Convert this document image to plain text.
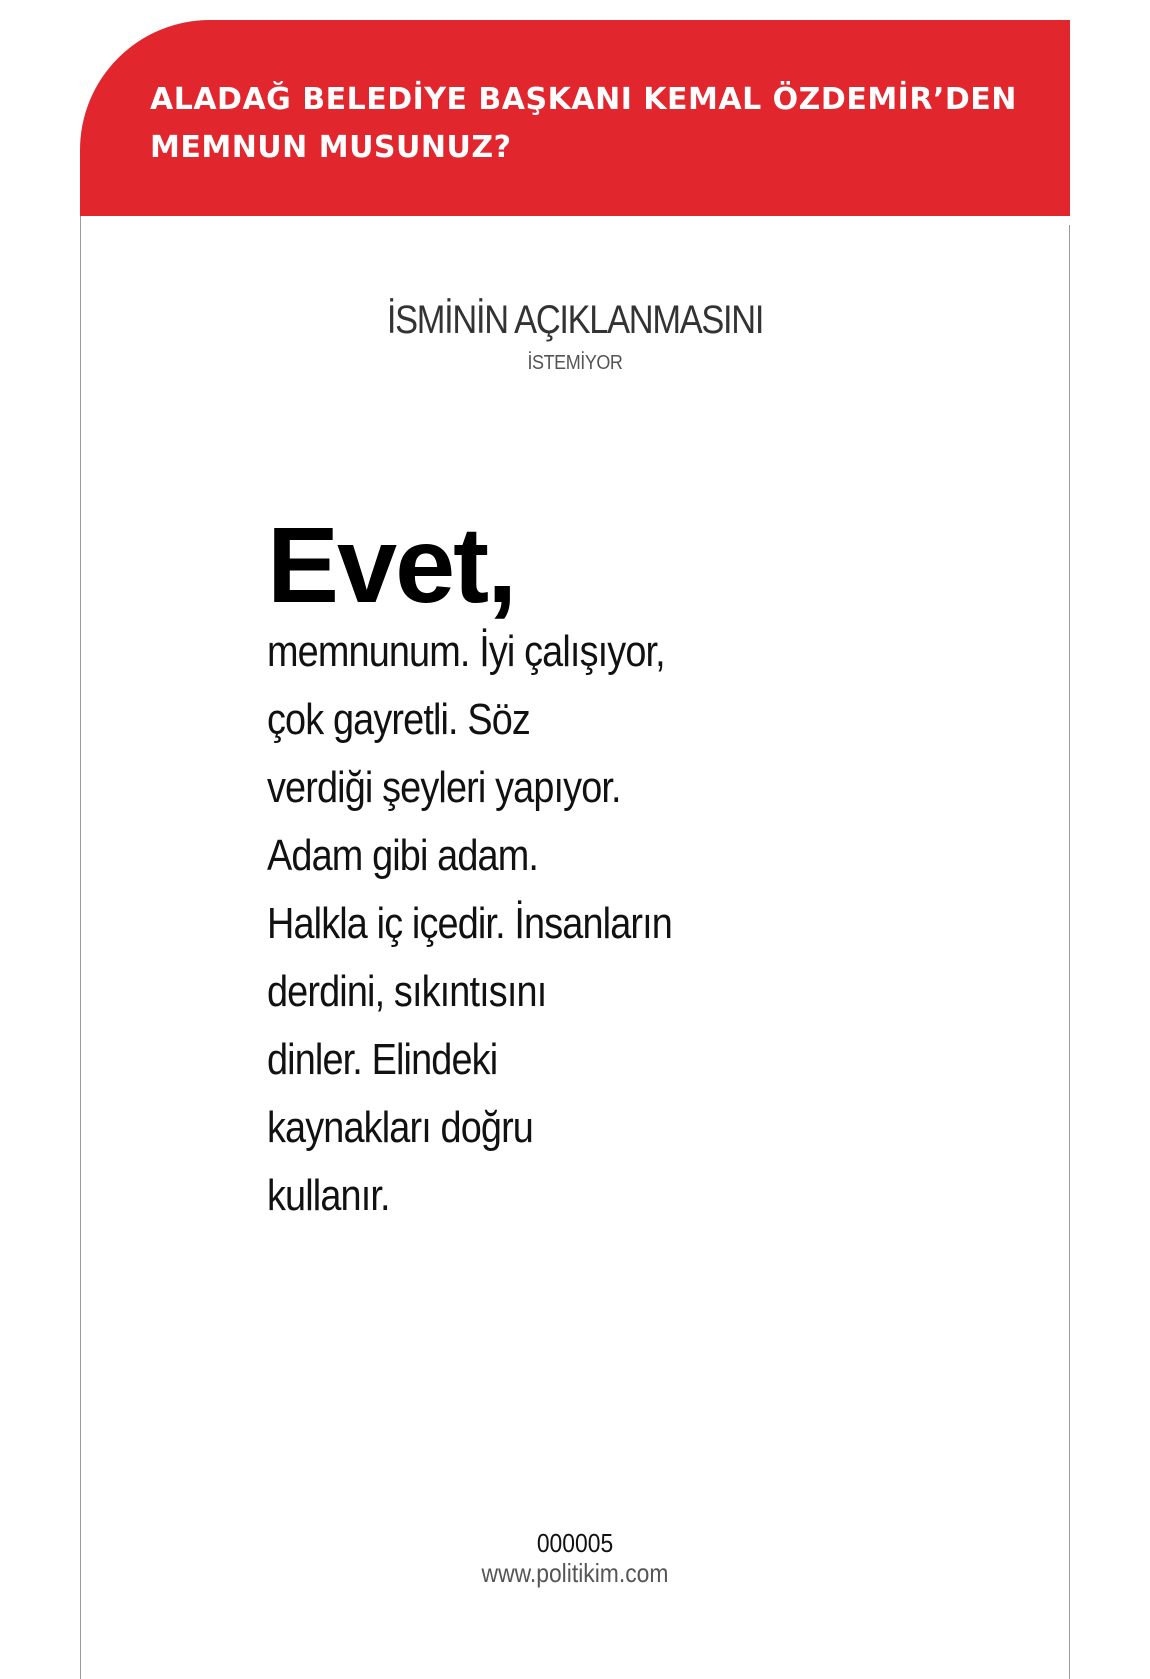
ALADAĞ BELEDİYE BAŞKANI KEMAL ÖZDEMİR’DEN
MEMNUN MUSUNUZ?
İSMİNİN AÇIKLANMASINI
İSTEMİYOR
Evet,
memnunum. İyi çalışıyor,
çok gayretli. Söz
verdiği şeyleri yapıyor.
Adam gibi adam.
Halkla iç içedir. İnsanların
derdini, sıkıntısını
dinler. Elindeki
kaynakları doğru
kullanır.
000005
www.politikim.com
